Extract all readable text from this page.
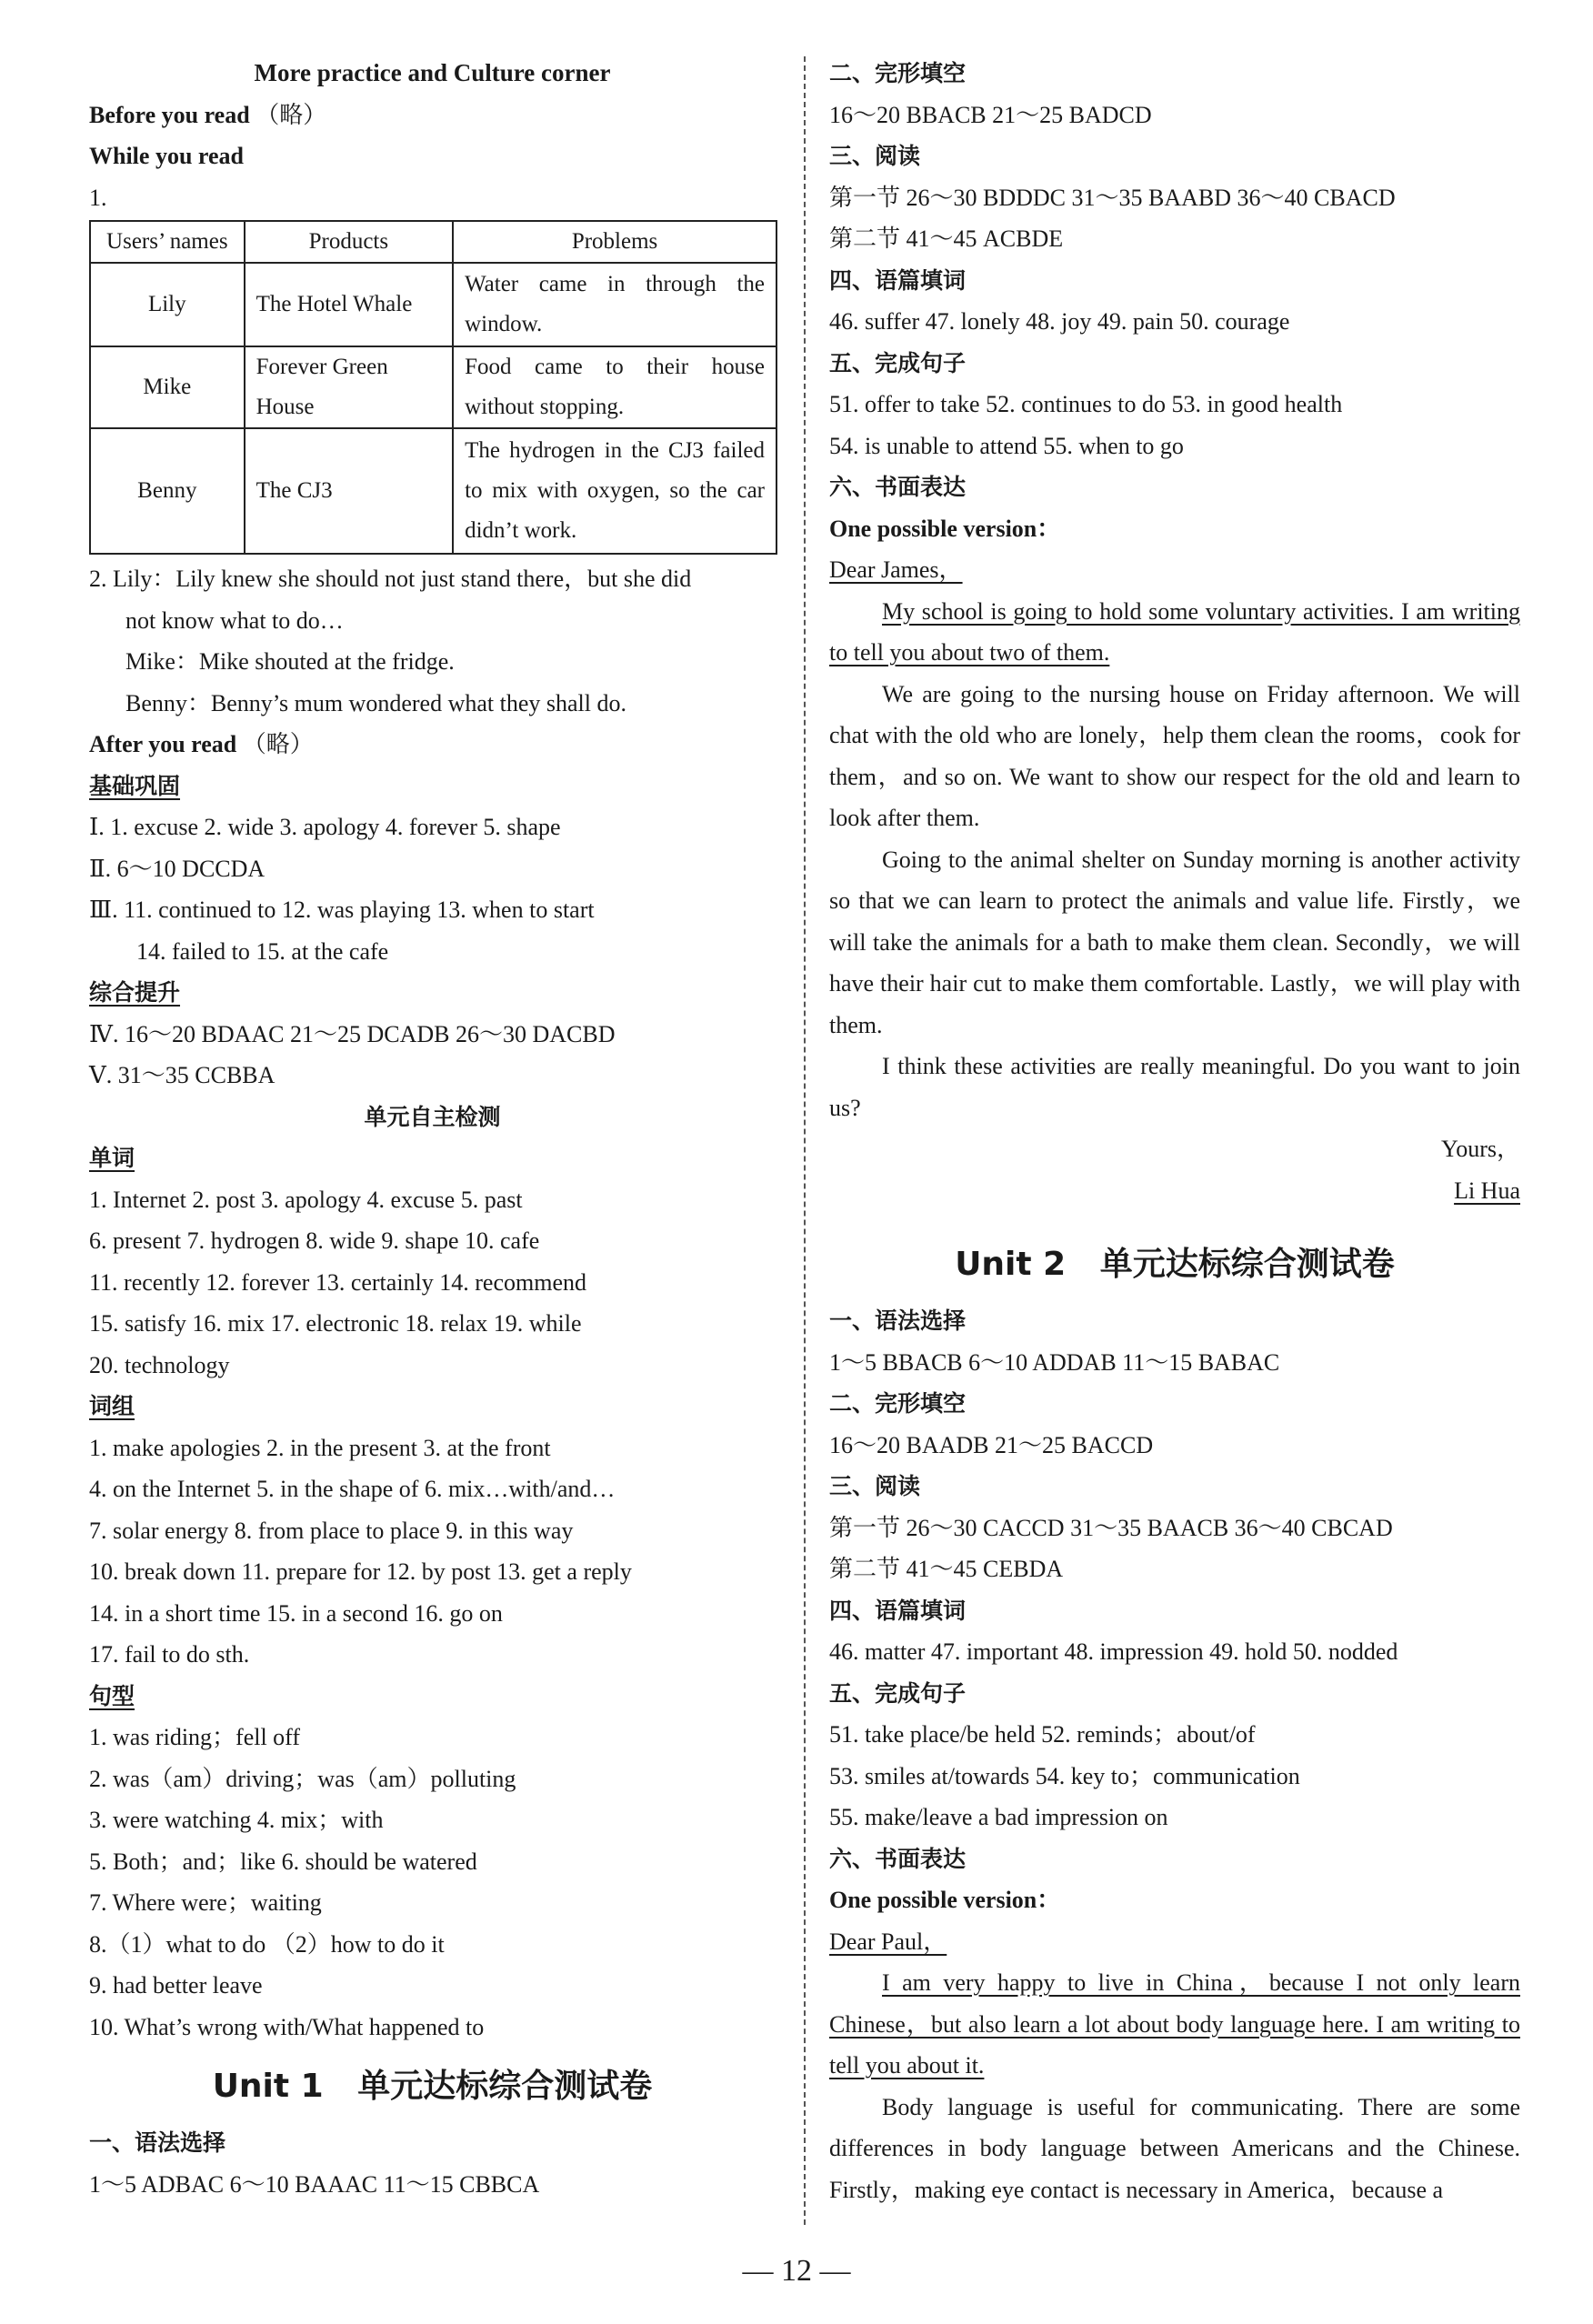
More practice and Culture corner
Before you read （略）
While you read
1.
Users’ names	Products	Problems
Lily	The Hotel Whale	Water came in through the window.
Mike	Forever Green House	Food came to their house without stopping.
Benny	The CJ3	The hydrogen in the CJ3 failed to mix with oxygen, so the car didn’t work.
2. Lily：Lily knew she should not just stand there，but she did
not know what to do…
Mike：Mike shouted at the fridge.
Benny：Benny’s mum wondered what they shall do.
After you read （略）
基础巩固
Ⅰ. 1. excuse 2. wide 3. apology 4. forever 5. shape
Ⅱ. 6～10 DCCDA
Ⅲ. 11. continued to 12. was playing 13. when to start
14. failed to 15. at the cafe
综合提升
Ⅳ. 16～20 BDAAC 21～25 DCADB 26～30 DACBD
Ⅴ. 31～35 CCBBA
单元自主检测
单词
1. Internet 2. post 3. apology 4. excuse 5. past
6. present 7. hydrogen 8. wide 9. shape 10. cafe
11. recently 12. forever 13. certainly 14. recommend
15. satisfy 16. mix 17. electronic 18. relax 19. while
20. technology
词组
1. make apologies 2. in the present 3. at the front
4. on the Internet 5. in the shape of 6. mix…with/and…
7. solar energy 8. from place to place 9. in this way
10. break down 11. prepare for 12. by post 13. get a reply
14. in a short time 15. in a second 16. go on
17. fail to do sth.
句型
1. was riding；fell off
2. was（am）driving；was（am）polluting
3. were watching 4. mix；with
5. Both；and；like 6. should be watered
7. Where were；waiting
8.（1）what to do （2）how to do it
9. had better leave
10. What’s wrong with/What happened to
Unit 1 单元达标综合测试卷
一、语法选择
1～5 ADBAC 6～10 BAAAC 11～15 CBBCA
二、完形填空
16～20 BBACB 21～25 BADCD
三、阅读
第一节 26～30 BDDDC 31～35 BAABD 36～40 CBACD
第二节 41～45 ACBDE
四、语篇填词
46. suffer 47. lonely 48. joy 49. pain 50. courage
五、完成句子
51. offer to take 52. continues to do 53. in good health
54. is unable to attend 55. when to go
六、书面表达
One possible version：
Dear James，
My school is going to hold some voluntary activities. I am writing to tell you about two of them.
We are going to the nursing house on Friday afternoon. We will chat with the old who are lonely，help them clean the rooms，cook for them，and so on. We want to show our respect for the old and learn to look after them.
Going to the animal shelter on Sunday morning is another activity so that we can learn to protect the animals and value life. Firstly，we will take the animals for a bath to make them clean. Secondly，we will have their hair cut to make them comfortable. Lastly，we will play with them.
I think these activities are really meaningful. Do you want to join us?
Yours，
Li Hua
Unit 2 单元达标综合测试卷
一、语法选择
1～5 BBACB 6～10 ADDAB 11～15 BABAC
二、完形填空
16～20 BAADB 21～25 BACCD
三、阅读
第一节 26～30 CACCD 31～35 BAACB 36～40 CBCAD
第二节 41～45 CEBDA
四、语篇填词
46. matter 47. important 48. impression 49. hold 50. nodded
五、完成句子
51. take place/be held 52. reminds；about/of
53. smiles at/towards 54. key to；communication
55. make/leave a bad impression on
六、书面表达
One possible version：
Dear Paul，
I am very happy to live in China，because I not only learn Chinese，but also learn a lot about body language here. I am writing to tell you about it.
Body language is useful for communicating. There are some differences in body language between Americans and the Chinese. Firstly，making eye contact is necessary in America，because a
— 12 —
